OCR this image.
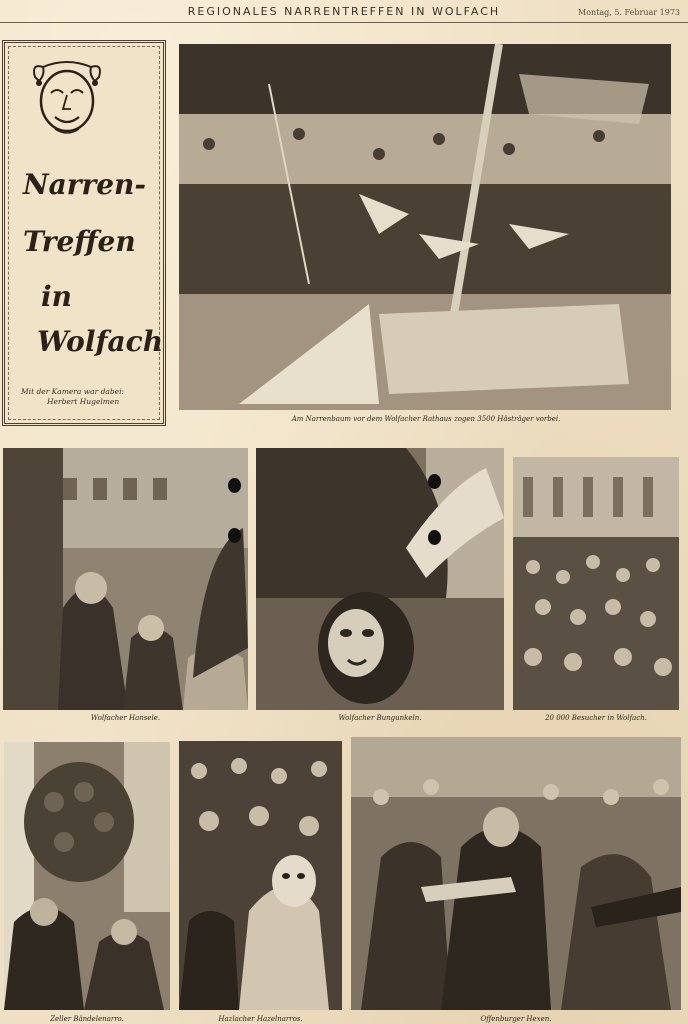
REGIONALES NARRENTREFFEN IN WOLFACH	Montag, 5. Februar 1973
Narren-
Treffen
in
Wolfach
Mit der Kamera war dabei:
Herbert Hugelmen
Am Narrenbaum vor dem Wolfacher Rathaus zogen 3500 Hästräger vorbei.
Wolfacher Hansele.	Wolfacher Bungunkeln.	20 000 Besucher in Wolfach.
Zeller Bändelenarro.	Hazlacher Hazelnarros.	Offenburger Hexen.
